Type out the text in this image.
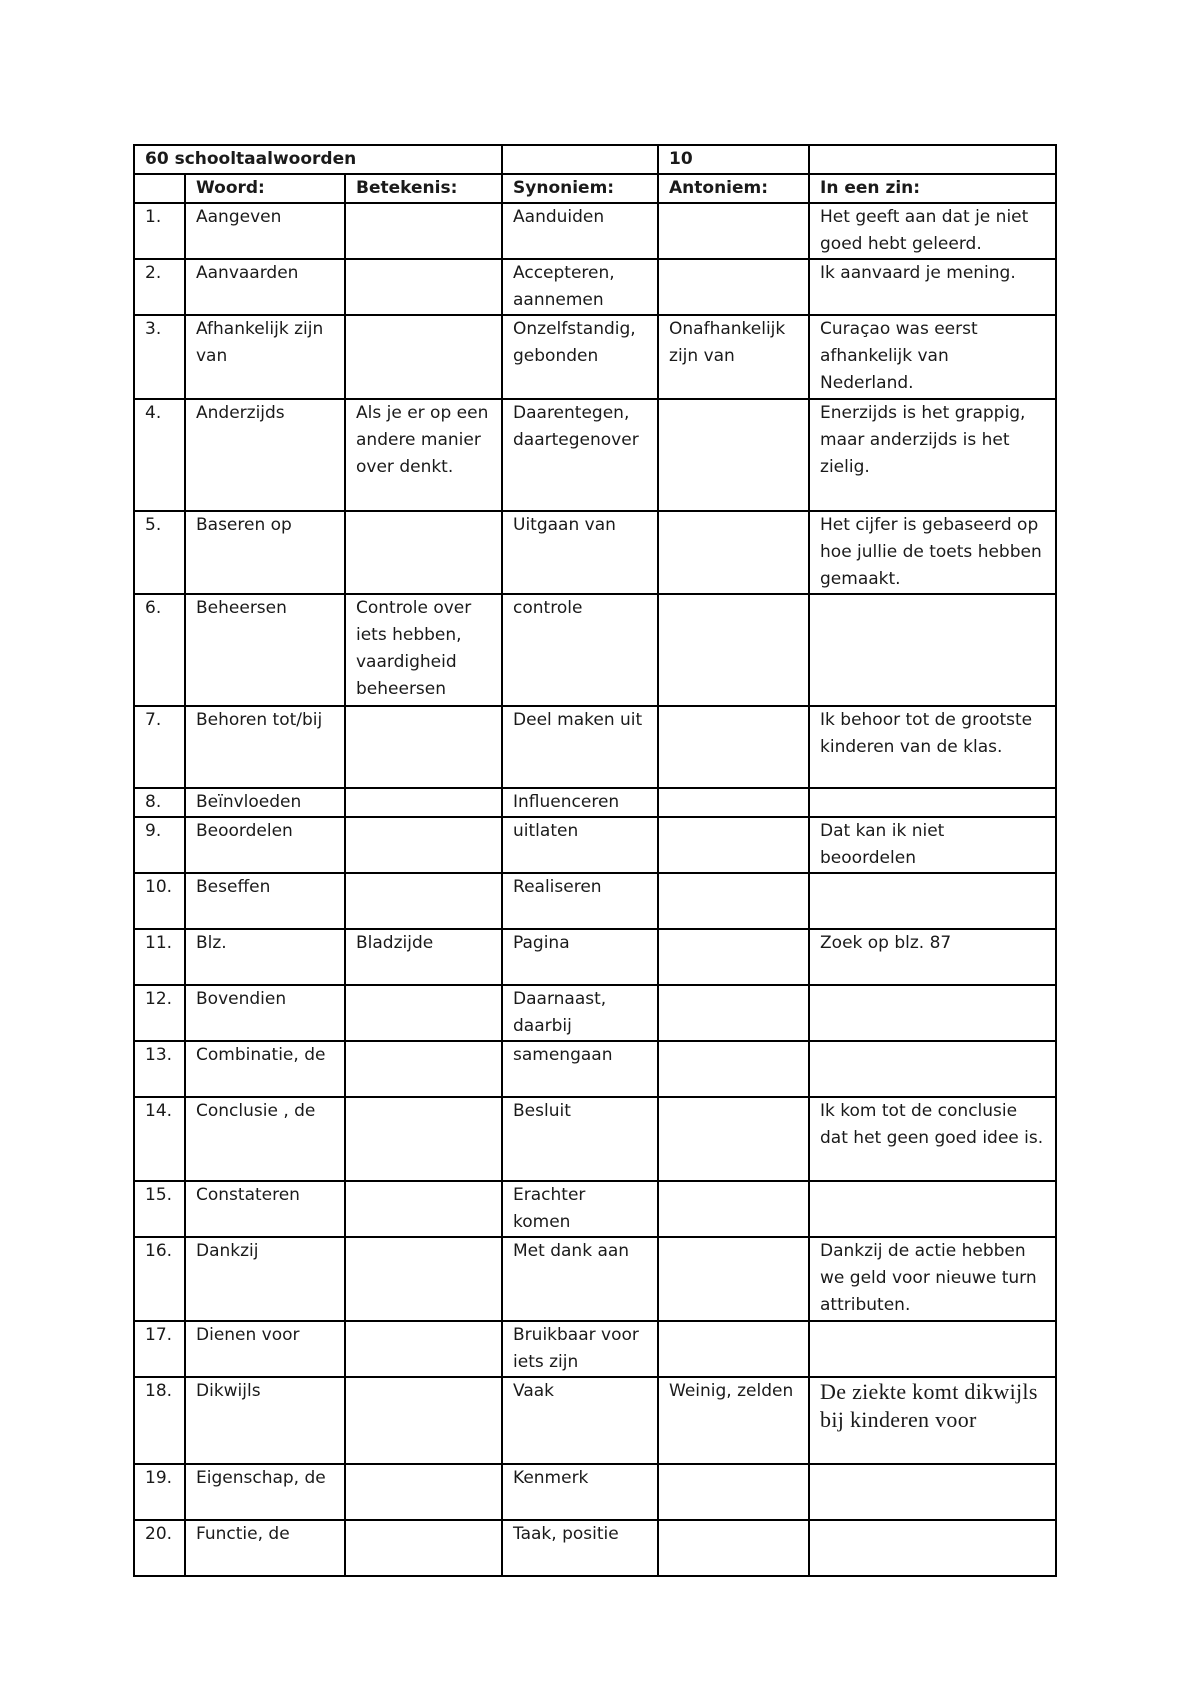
60 schooltaalwoorden				10	
	Woord:	Betekenis:	Synoniem:	Antoniem:	In een zin:
1.	Aangeven		Aanduiden		Het geeft aan dat je niet goed hebt geleerd.
2.	Aanvaarden		Accepteren, aannemen		Ik aanvaard je mening.
3.	Afhankelijk zijn van		Onzelfstandig, gebonden	Onafhankelijk zijn van	Curaçao was eerst afhankelijk van Nederland.
4.	Anderzijds	Als je er op een andere manier over denkt.	Daarentegen, daartegenover		Enerzijds is het grappig, maar anderzijds is het zielig.
5.	Baseren op		Uitgaan van		Het cijfer is gebaseerd op hoe jullie de toets hebben gemaakt.
6.	Beheersen	Controle over iets hebben, vaardigheid beheersen	controle		
7.	Behoren tot/bij		Deel maken uit		Ik behoor tot de grootste kinderen van de klas.
8.	Beïnvloeden		Influenceren		
9.	Beoordelen		uitlaten		Dat kan ik niet beoordelen
10.	Beseffen		Realiseren		
11.	Blz.	Bladzijde	Pagina		Zoek op blz. 87
12.	Bovendien		Daarnaast, daarbij		
13.	Combinatie, de		samengaan		
14.	Conclusie , de		Besluit		Ik kom tot de conclusie dat het geen goed idee is.
15.	Constateren		Erachter komen		
16.	Dankzij		Met dank aan		Dankzij de actie hebben we geld voor nieuwe turn attributen.
17.	Dienen voor		Bruikbaar voor iets zijn		
18.	Dikwijls		Vaak	Weinig, zelden	De ziekte komt dikwijls bij kinderen voor
19.	Eigenschap, de		Kenmerk		
20.	Functie, de		Taak, positie		
